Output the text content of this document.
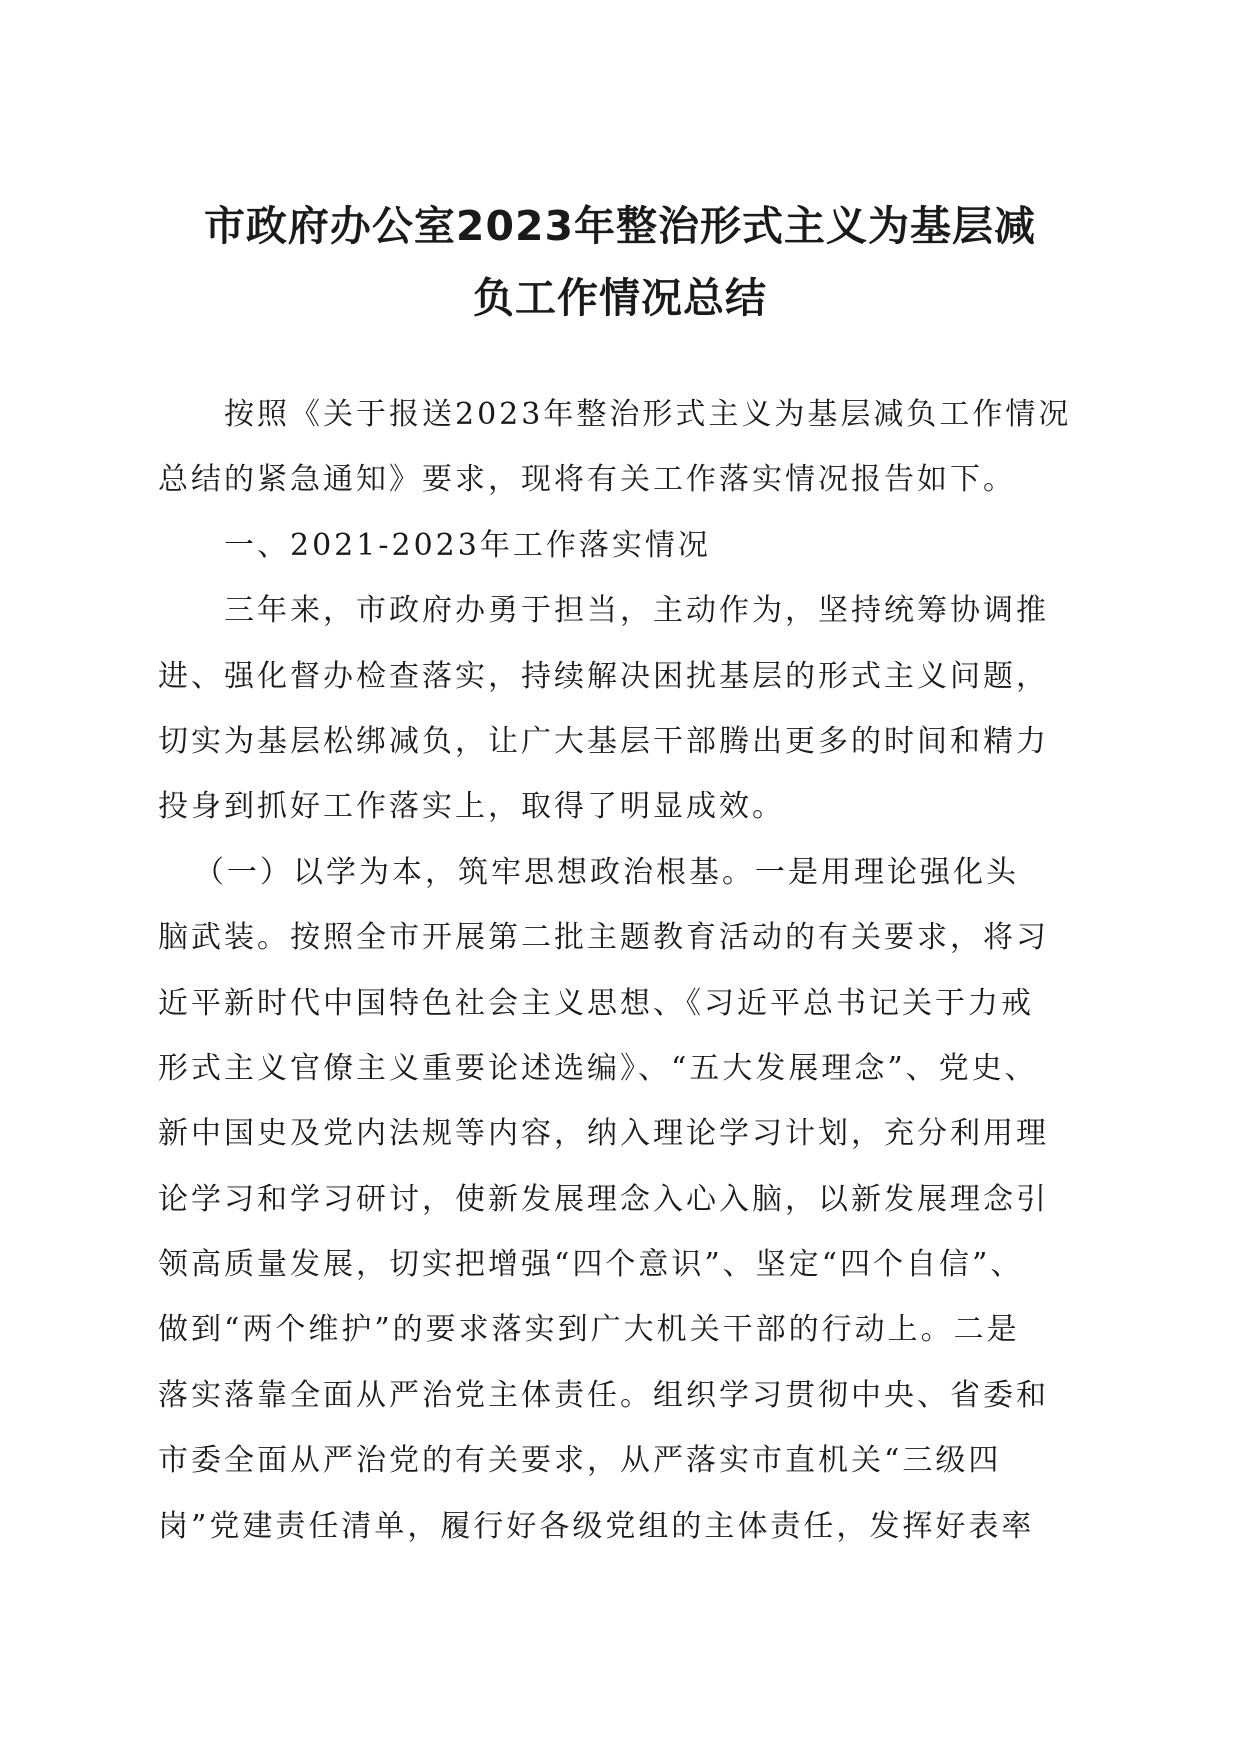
市政府办公室2023年整治形式主义为基层减
负工作情况总结
按照《关于报送2023年整治形式主义为基层减负工作情况
总结的紧急通知》要求，现将有关工作落实情况报告如下。
一、2021-2023年工作落实情况
三年来，市政府办勇于担当，主动作为，坚持统筹协调推
进、强化督办检查落实，持续解决困扰基层的形式主义问题，
切实为基层松绑减负，让广大基层干部腾出更多的时间和精力
投身到抓好工作落实上，取得了明显成效。
（一）以学为本，筑牢思想政治根基。一是用理论强化头
脑武装。按照全市开展第二批主题教育活动的有关要求，将习
近平新时代中国特色社会主义思想、《习近平总书记关于力戒
形式主义官僚主义重要论述选编》、“五大发展理念”、党史、
新中国史及党内法规等内容，纳入理论学习计划，充分利用理
论学习和学习研讨，使新发展理念入心入脑，以新发展理念引
领高质量发展，切实把增强“四个意识”、坚定“四个自信”、
做到“两个维护”的要求落实到广大机关干部的行动上。二是
落实落靠全面从严治党主体责任。组织学习贯彻中央、省委和
市委全面从严治党的有关要求，从严落实市直机关“三级四
岗”党建责任清单，履行好各级党组的主体责任，发挥好表率
